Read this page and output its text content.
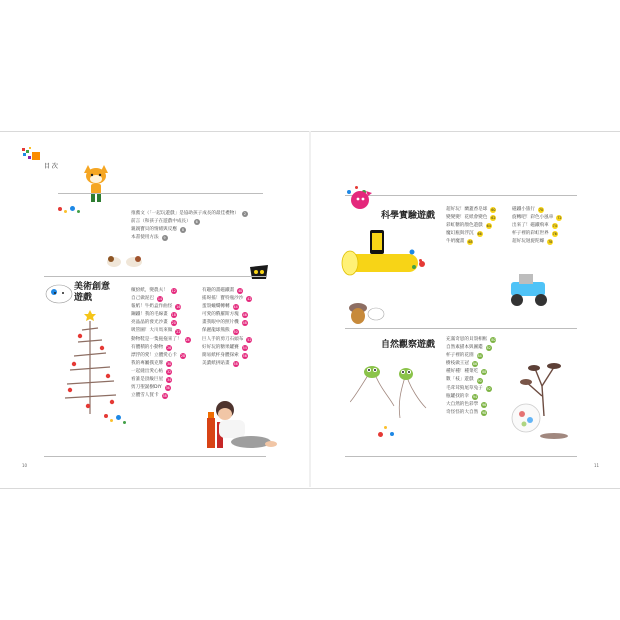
目 次
推薦文（「一起玩遊戲」是協助孩子成長的最佳禮物）	2
前言（和孩子在遊戲中成長）	6
親親寶貝的情緒與反應	8
本書使用方法	9
美術創意
遊戲
繽紛紙，變農夫！ 12
自己做泥巴 14
報紙！牛奶盒作曲怪 16
鋼鐵！我的毛線畫 18
亮晶晶的發光沙畫 20
吸管圖！大川馬來做 22
動物鞋是一隻拖拖來了！ 24
有體積的小動物 26
漂浮的愛！立體愛心卡 28
我的專屬撲克牌 30
一起縫出愛心帖 32
看誰是頂級巨星 34
剪刀聖誕樹DIY 36
立體雪人賀卡 38
有趣的畫磁鐵畫 40
搖呀搖！寶特瓶沙沙 42
蛋殼蠟燭轉轉 44
可愛的俄羅斯方塊 46
畫我眼中的照片機 48
保麗龍球熊熊 50
巨人手的剪刀石頭布 52
好好玩的糖果罐賽 54
簡易紙杯身體探索 56
美濃紙拼貼畫 58
10
科學實驗遊戲
超好玩！蘭蓋香皂球 60
變變變！花紙會變色 62
彩虹糖的顏色遊戲 64
魔幻瓶與浮沉 66
牛奶魔畫 68
磁鐵小旅行 70
旋轉吧！彩色小風車 72
出來了！磁鐵飛車 74
杯子裡的彩虹世界 76
超好玩迴旋陀螺 78
自然觀察遊戲
充滿奇思的貝殼相框 80
自然素描本與圖鑑 82
杯子裡的花園 84
樹枝做王冠 86
種好種！種菜吃 88
數「枝」遊戲 90
毛茸茸狗尾草兔子 92
瓶罐找的幸 94
大自然的色彩學 96
奇怪怪的大自然 98
11
